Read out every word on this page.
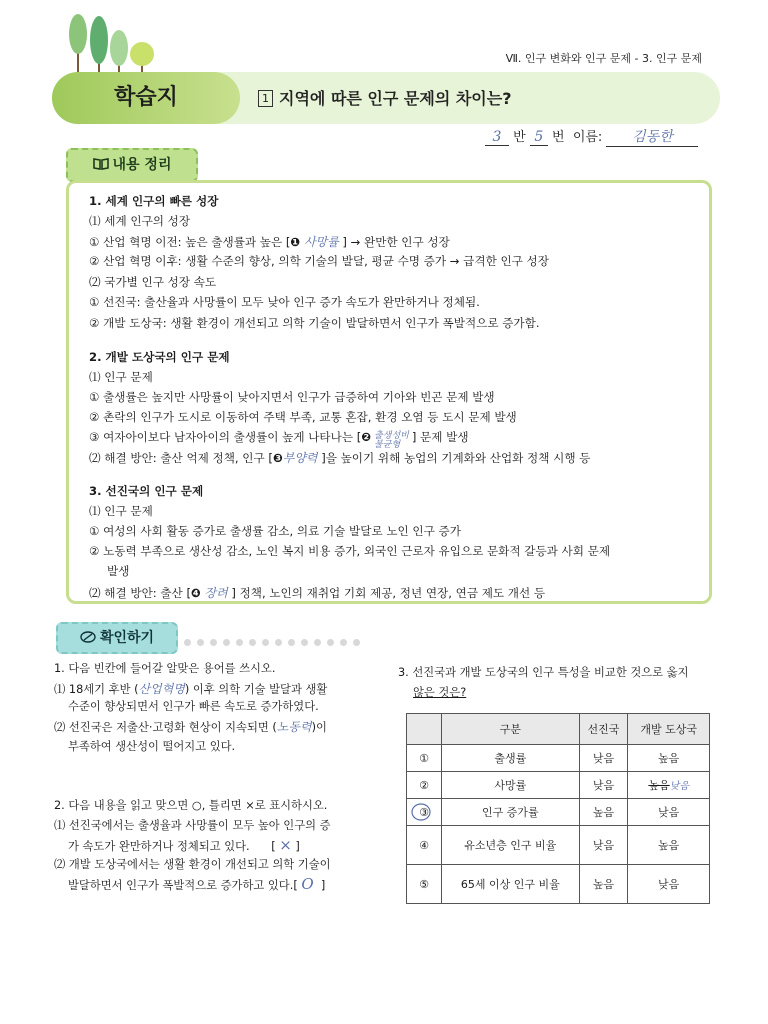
Ⅶ. 인구 변화와 인구 문제 - 3. 인구 문제
학습지	1 지역에 따른 인구 문제의 차이는?
3 반 5 번 이름: 김동한
내용 정리
1. 세계 인구의 빠른 성장
⑴ 세계 인구의 성장
① 산업 혁명 이전: 높은 출생률과 높은 [❶ 사망률 ] → 완만한 인구 성장
② 산업 혁명 이후: 생활 수준의 향상, 의학 기술의 발달, 평균 수명 증가 → 급격한 인구 성장
⑵ 국가별 인구 성장 속도
① 선진국: 출산율과 사망률이 모두 낮아 인구 증가 속도가 완만하거나 정체됨.
② 개발 도상국: 생활 환경이 개선되고 의학 기술이 발달하면서 인구가 폭발적으로 증가함.
2. 개발 도상국의 인구 문제
⑴ 인구 문제
① 출생률은 높지만 사망률이 낮아지면서 인구가 급증하여 기아와 빈곤 문제 발생
② 촌락의 인구가 도시로 이동하여 주택 부족, 교통 혼잡, 환경 오염 등 도시 문제 발생
③ 여자아이보다 남자아이의 출생률이 높게 나타나는 [❷ 출생성비
불균형] 문제 발생
⑵ 해결 방안: 출산 억제 정책, 인구 [❸부양력 ]을 높이기 위해 농업의 기계화와 산업화 정책 시행 등
3. 선진국의 인구 문제
⑴ 인구 문제
① 여성의 사회 활동 증가로 출생률 감소, 의료 기술 발달로 노인 인구 증가
② 노동력 부족으로 생산성 감소, 노인 복지 비용 증가, 외국인 근로자 유입으로 문화적 갈등과 사회 문제
발생
⑵ 해결 방안: 출산 [❹ 장려 ] 정책, 노인의 재취업 기회 제공, 정년 연장, 연금 제도 개선 등
확인하기
1. 다음 빈칸에 들어갈 알맞은 용어를 쓰시오.
⑴ 18세기 후반 (산업혁명) 이후 의학 기술 발달과 생활
수준이 향상되면서 인구가 빠른 속도로 증가하였다.
⑵ 선진국은 저출산·고령화 현상이 지속되면 (노동력)이
부족하여 생산성이 떨어지고 있다.
2. 다음 내용을 읽고 맞으면 ○, 틀리면 ×로 표시하시오.
⑴ 선진국에서는 출생율과 사망률이 모두 높아 인구의 증
가 속도가 완만하거나 정체되고 있다. [ × ]
⑵ 개발 도상국에서는 생활 환경이 개선되고 의학 기술이
발달하면서 인구가 폭발적으로 증가하고 있다.[ O ]
3. 선진국과 개발 도상국의 인구 특성을 비교한 것으로 옳지
않은 것은?
	구분	선진국	개발 도상국
①	출생률	낮음	높음
②	사망률	낮음	높음낮음
③	인구 증가률	높음	낮음
④	유소년층 인구 비율	낮음	높음
⑤	65세 이상 인구 비율	높음	낮음
